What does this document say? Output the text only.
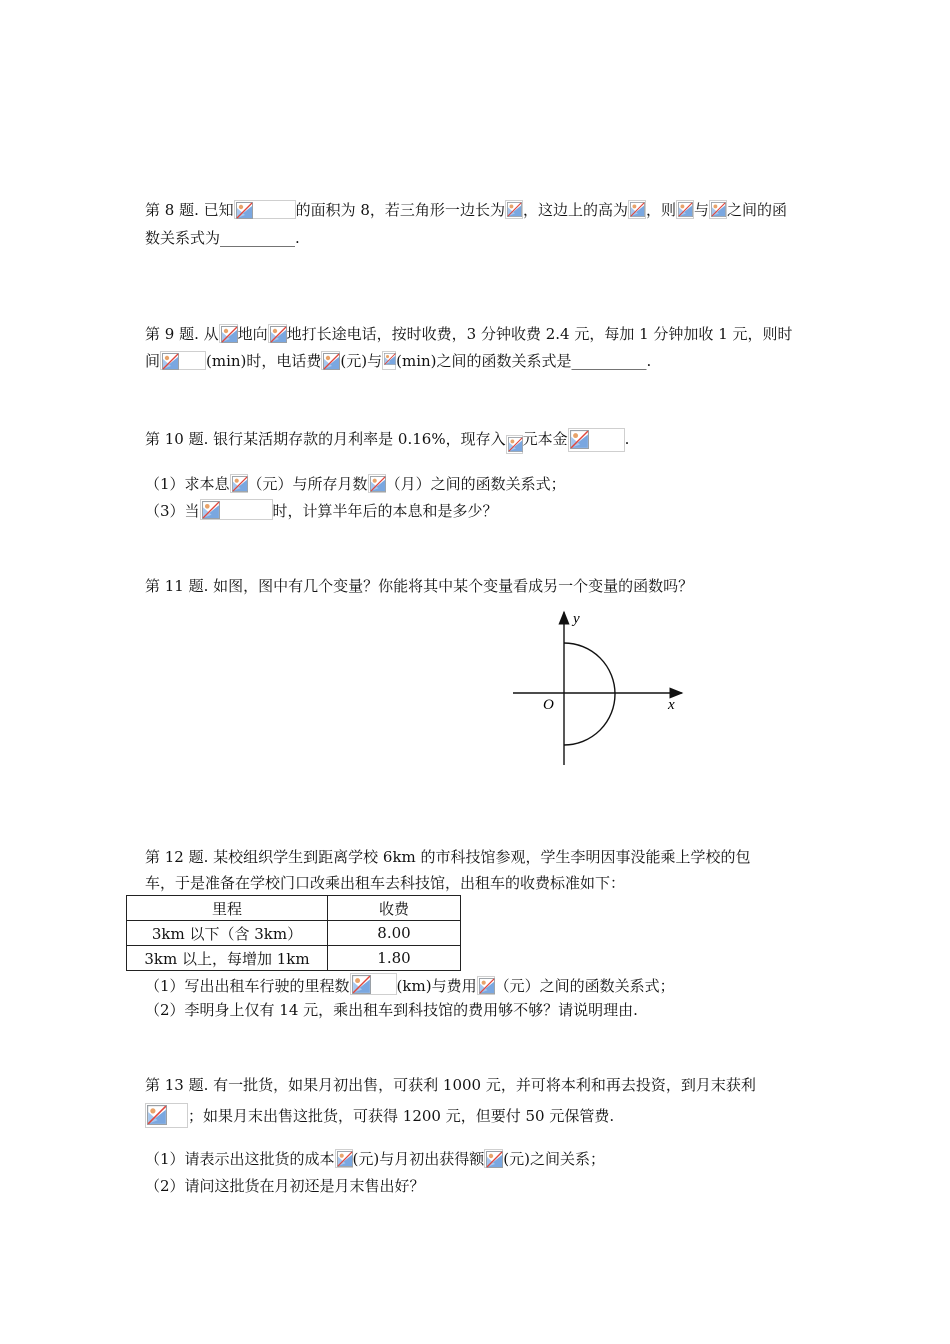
第 8 题. 已知	的面积为 8，若三角形一边长为 ，这边上的高为 ，则 与 之间的函
数关系式为__________.
第 9 题. 从 地向 地打长途电话，按时收费，3 分钟收费 2.4 元，每加 1 分钟加收 1 元，则时
间	(min)时，电话费 (元)与 (min)之间的函数关系式是__________.
第 10 题. 银行某活期存款的月利率是 0.16%，现存入 元本金	.
（1）求本息 （元）与所存月数 （月）之间的函数关系式；
（3）当	时，计算半年后的本息和是多少？
第 11 题. 如图，图中有几个变量？你能将其中某个变量看成另一个变量的函数吗？
y
x
O
第 12 题. 某校组织学生到距离学校 6km 的市科技馆参观，学生李明因事没能乘上学校的包
车，于是准备在学校门口改乘出租车去科技馆，出租车的收费标准如下：
里程	收费
3km 以下（含 3km）	8.00
3km 以上，每增加 1km	1.80
（1）写出出租车行驶的里程数	(km)与费用 （元）之间的函数关系式；
（2）李明身上仅有 14 元，乘出租车到科技馆的费用够不够？请说明理由.
第 13 题. 有一批货，如果月初出售，可获利 1000 元，并可将本利和再去投资，到月末获利
；如果月末出售这批货，可获得 1200 元，但要付 50 元保管费.
（1）请表示出这批货的成本 (元)与月初出获得额 (元)之间关系；
（2）请问这批货在月初还是月末售出好？
